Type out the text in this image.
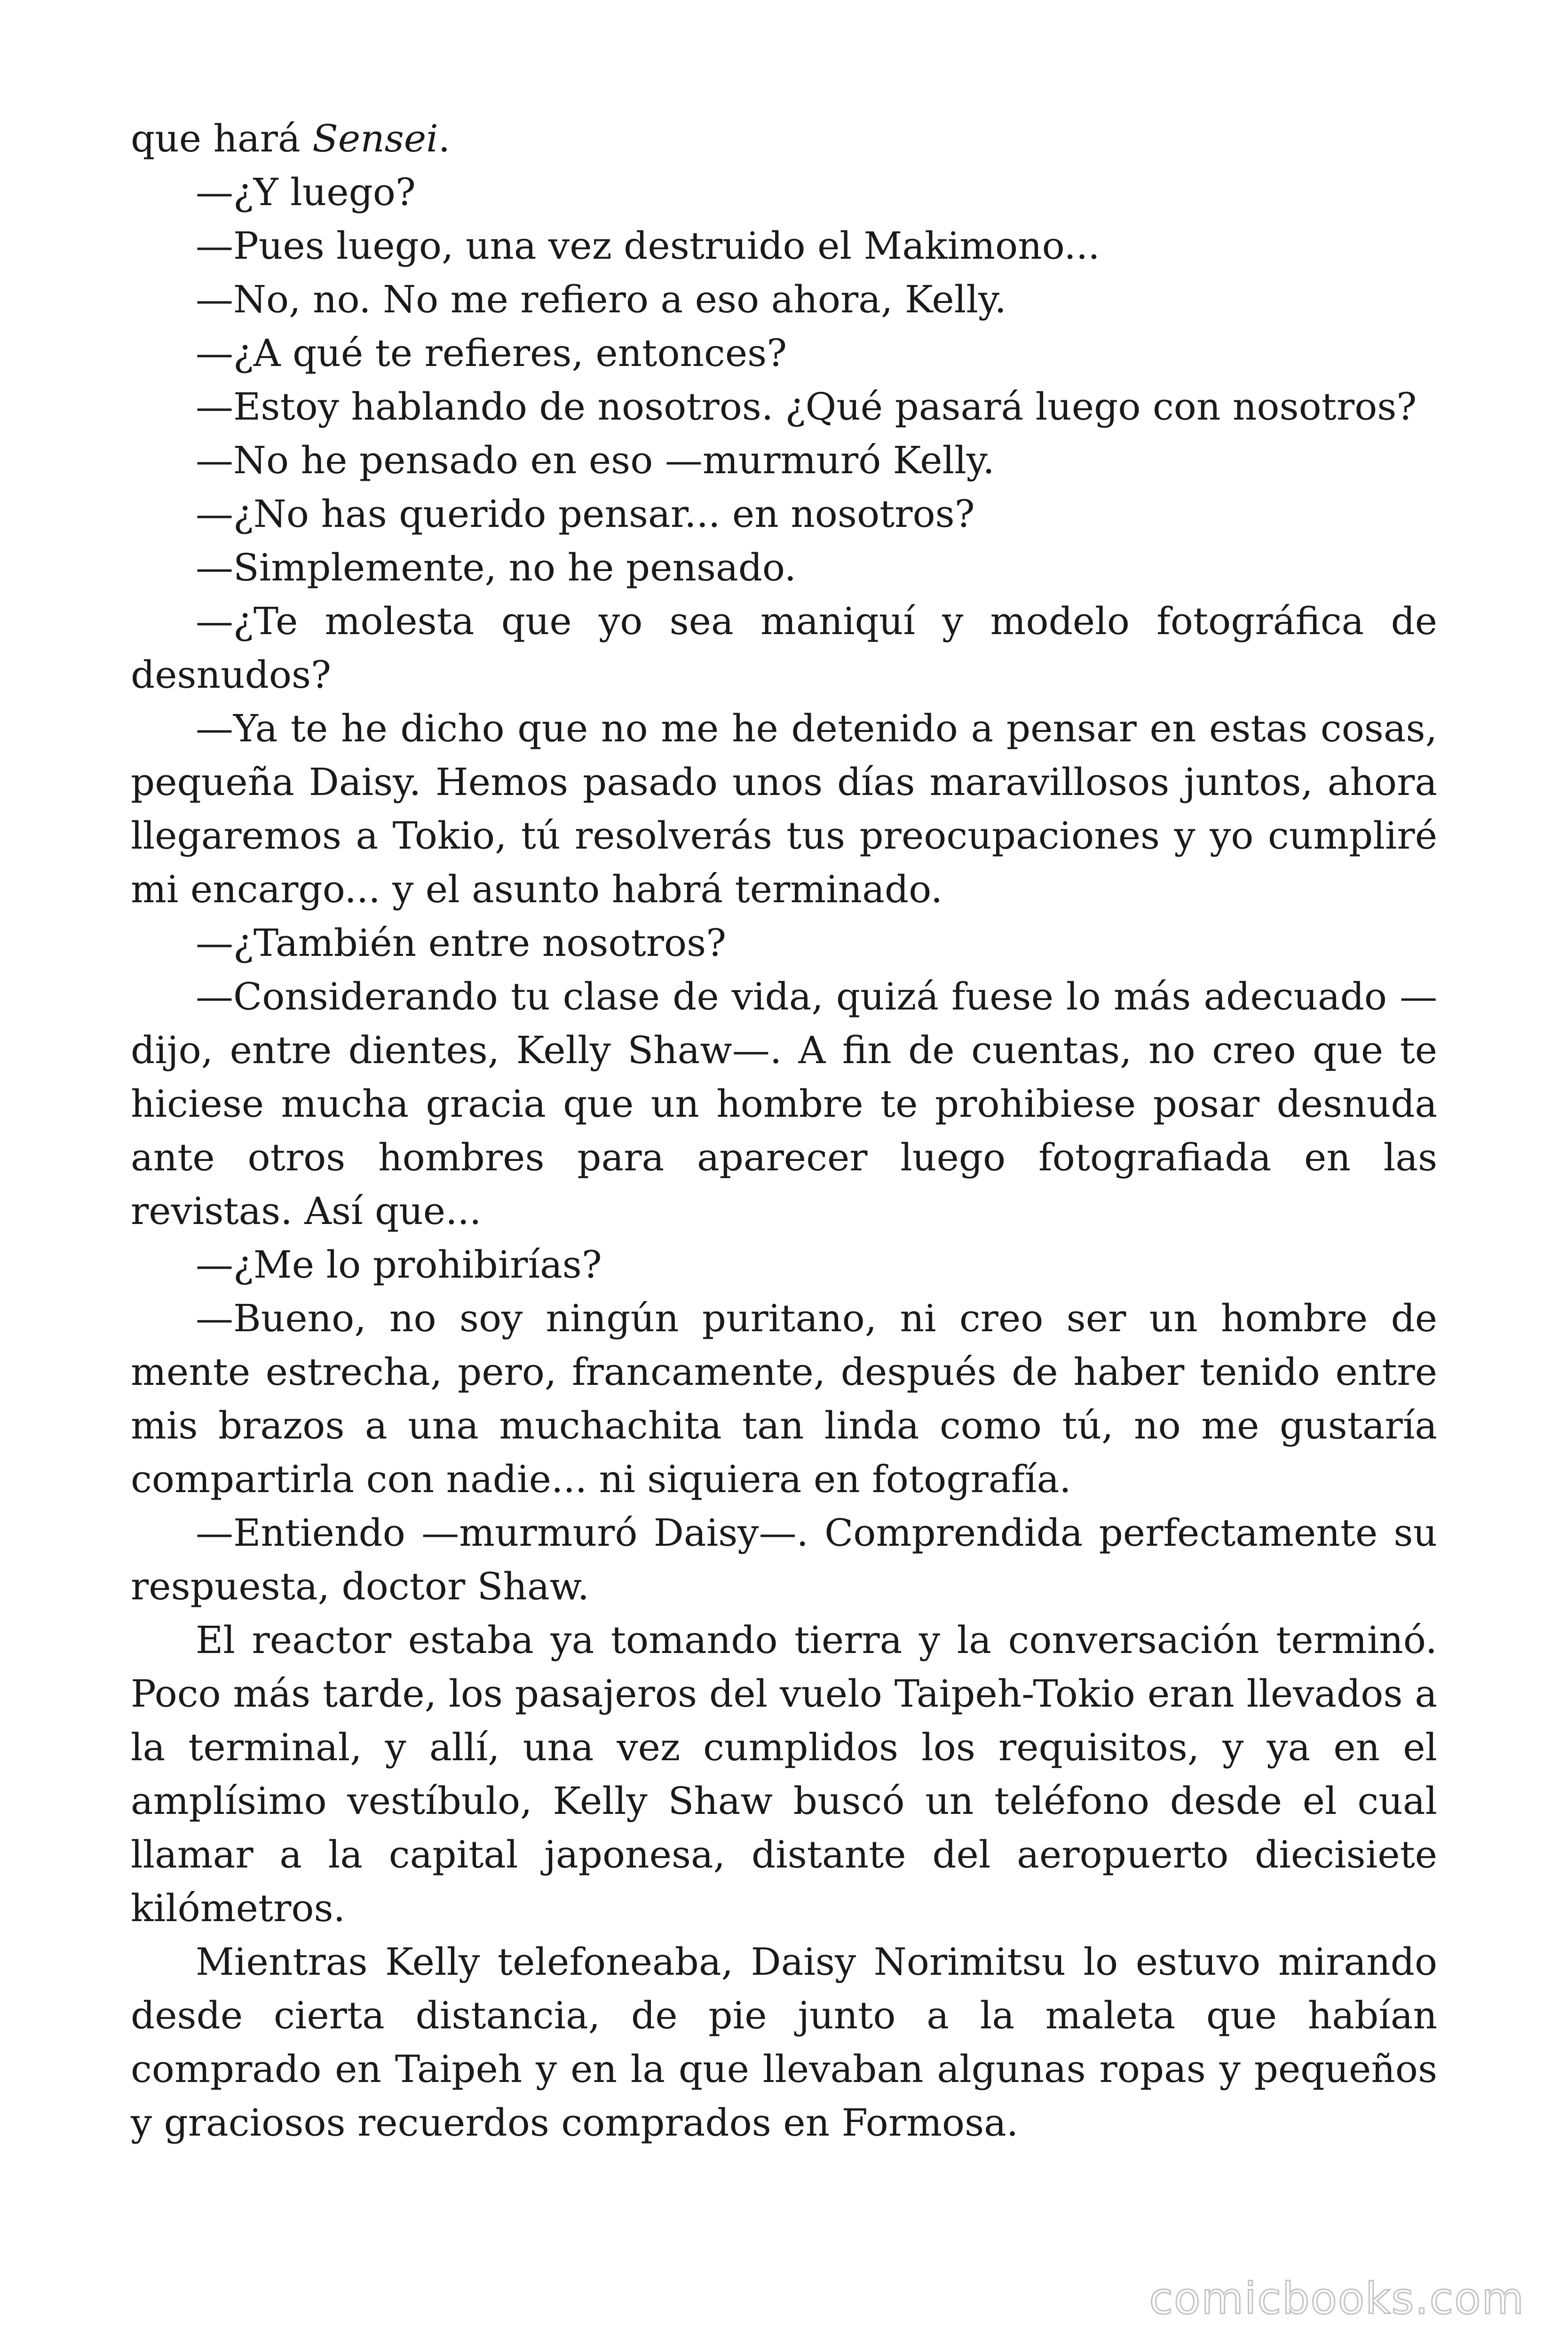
que hará Sensei.

—¿Y luego?

—Pues luego, una vez destruido el Makimono...

—No, no. No me refiero a eso ahora, Kelly.

—¿A qué te refieres, entonces?

—Estoy hablando de nosotros. ¿Qué pasará luego con nosotros?

—No he pensado en eso —murmuró Kelly.

—¿No has querido pensar... en nosotros?

—Simplemente, no he pensado.

—¿Te molesta que yo sea maniquí y modelo fotográfica de desnudos?

—Ya te he dicho que no me he detenido a pensar en estas cosas, pequeña Daisy. Hemos pasado unos días maravillosos juntos, ahora llegaremos a Tokio, tú resolverás tus preocupaciones y yo cumpliré mi encargo... y el asunto habrá terminado.

—¿También entre nosotros?

—Considerando tu clase de vida, quizá fuese lo más adecuado —dijo, entre dientes, Kelly Shaw—. A fin de cuentas, no creo que te hiciese mucha gracia que un hombre te prohibiese posar desnuda ante otros hombres para aparecer luego fotografiada en las revistas. Así que...

—¿Me lo prohibirías?

—Bueno, no soy ningún puritano, ni creo ser un hombre de mente estrecha, pero, francamente, después de haber tenido entre mis brazos a una muchachita tan linda como tú, no me gustaría compartirla con nadie... ni siquiera en fotografía.

—Entiendo —murmuró Daisy—. Comprendida perfectamente su respuesta, doctor Shaw.

El reactor estaba ya tomando tierra y la conversación terminó. Poco más tarde, los pasajeros del vuelo Taipeh-Tokio eran llevados a la terminal, y allí, una vez cumplidos los requisitos, y ya en el amplísimo vestíbulo, Kelly Shaw buscó un teléfono desde el cual llamar a la capital japonesa, distante del aeropuerto diecisiete kilómetros.

Mientras Kelly telefoneaba, Daisy Norimitsu lo estuvo mirando desde cierta distancia, de pie junto a la maleta que habían comprado en Taipeh y en la que llevaban algunas ropas y pequeños y graciosos recuerdos comprados en Formosa.

comicbooks.com
